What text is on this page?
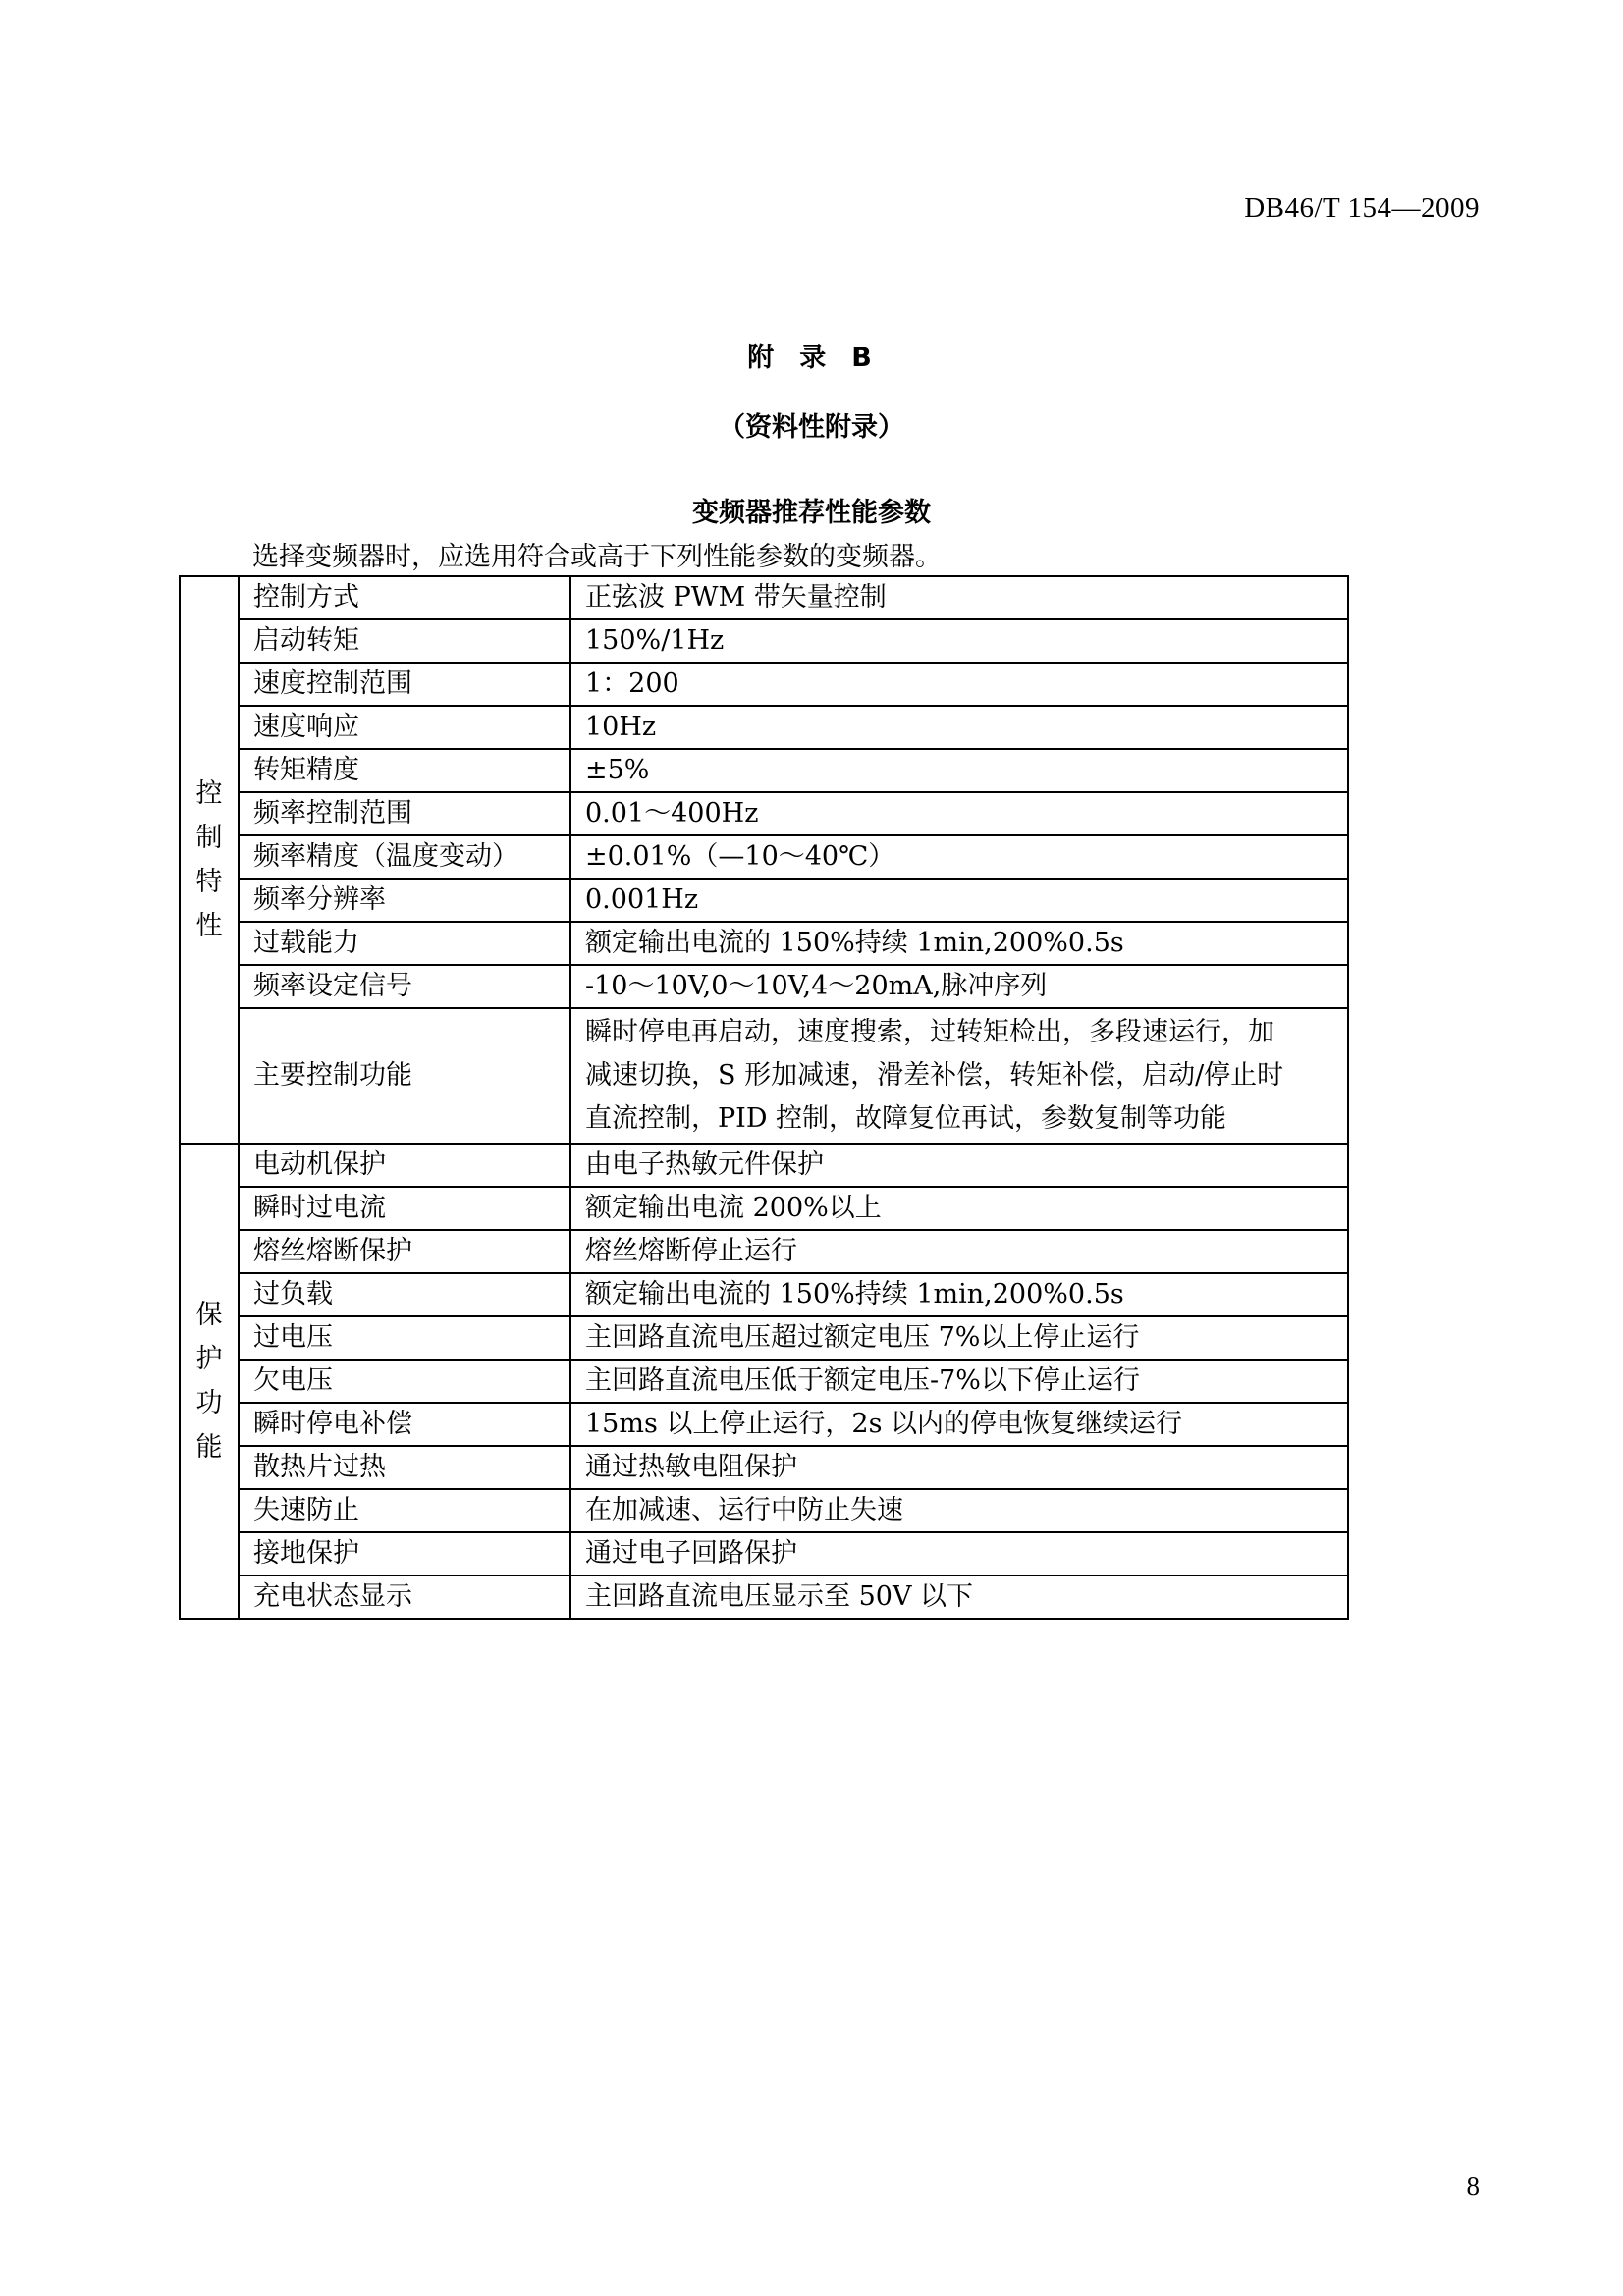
DB46/T 154—2009
附 录 B
（资料性附录）
变频器推荐性能参数
选择变频器时，应选用符合或高于下列性能参数的变频器。
控
制
特
性	控制方式	正弦波 PWM 带矢量控制
	启动转矩	150%/1Hz
	速度控制范围	1：200
	速度响应	10Hz
	转矩精度	±5%
	频率控制范围	0.01～400Hz
	频率精度（温度变动）	±0.01%（—10～40℃）
	频率分辨率	0.001Hz
	过载能力	额定输出电流的 150%持续 1min,200%0.5s
	频率设定信号	-10～10V,0～10V,4～20mA,脉冲序列
	主要控制功能	瞬时停电再启动，速度搜索，过转矩检出，多段速运行，加
减速切换，S 形加减速，滑差补偿，转矩补偿，启动/停止时
直流控制，PID 控制，故障复位再试，参数复制等功能

保
护
功
能	电动机保护	由电子热敏元件保护
	瞬时过电流	额定输出电流 200%以上
	熔丝熔断保护	熔丝熔断停止运行
	过负载	额定输出电流的 150%持续 1min,200%0.5s
	过电压	主回路直流电压超过额定电压 7%以上停止运行
	欠电压	主回路直流电压低于额定电压-7%以下停止运行
	瞬时停电补偿	15ms 以上停止运行，2s 以内的停电恢复继续运行
	散热片过热	通过热敏电阻保护
	失速防止	在加减速、运行中防止失速
	接地保护	通过电子回路保护
	充电状态显示	主回路直流电压显示至 50V 以下
8
